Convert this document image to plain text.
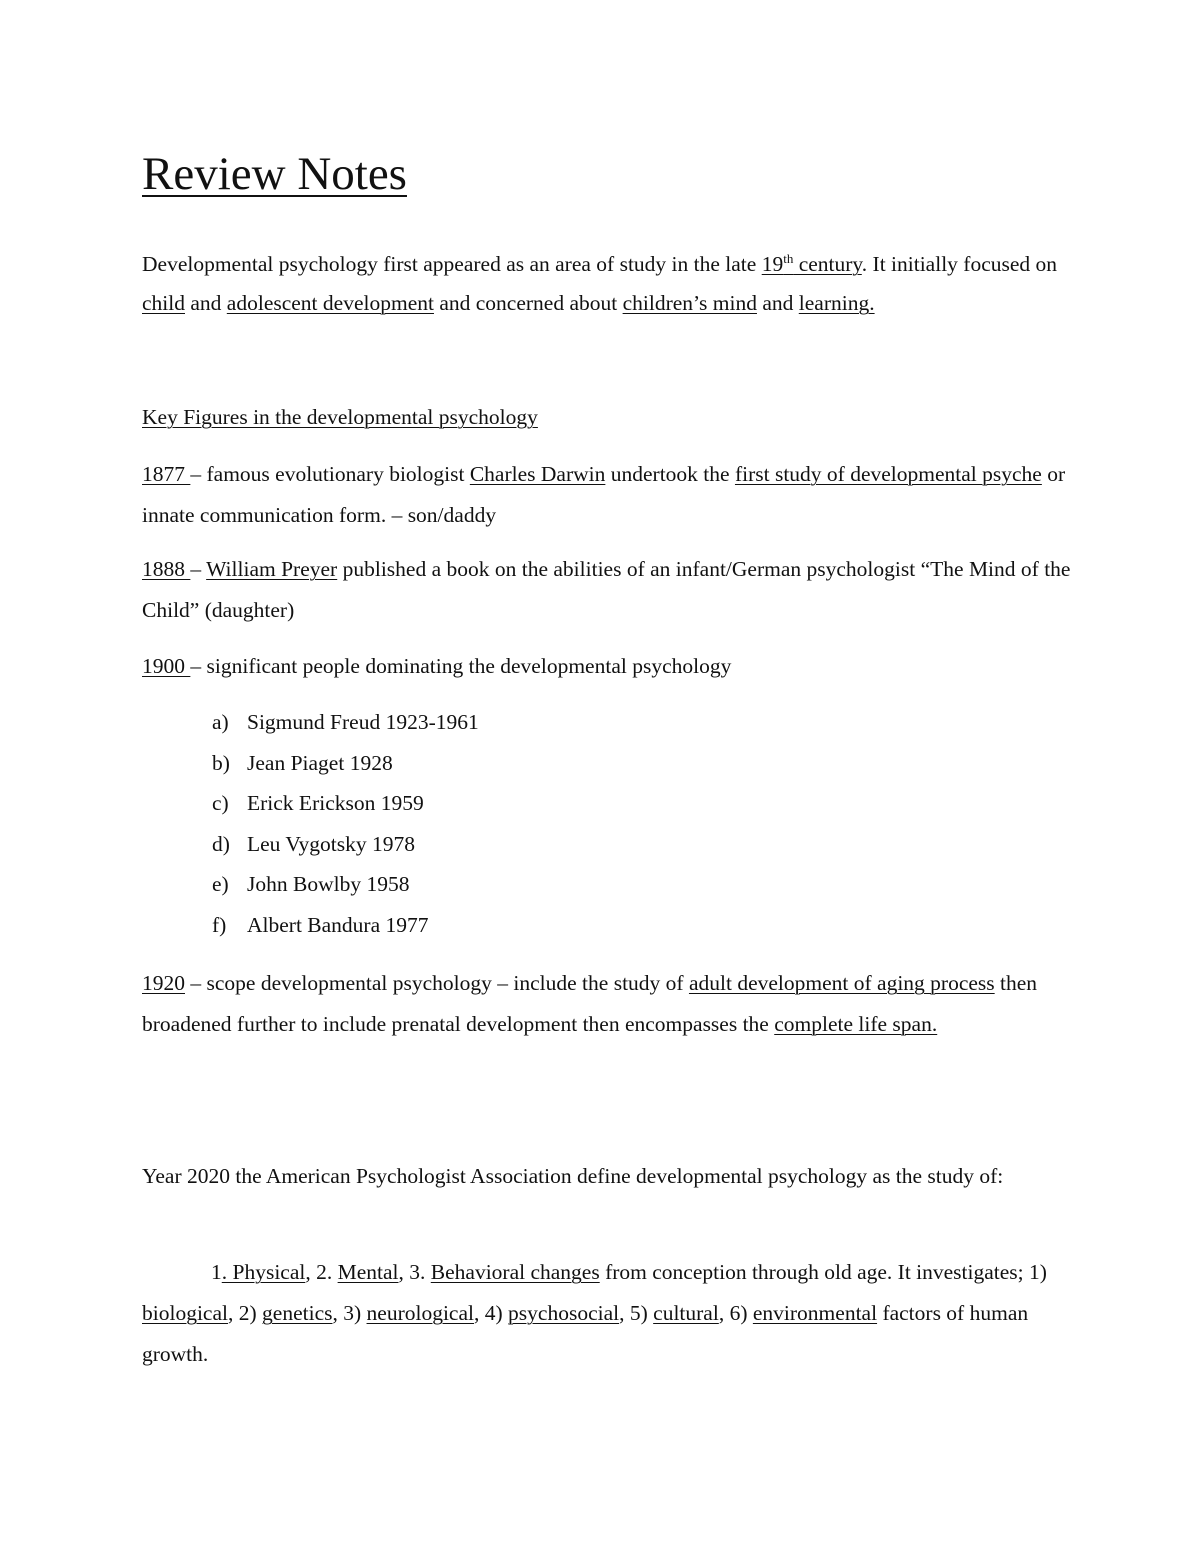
Review Notes

Developmental psychology first appeared as an area of study in the late 19th century. It initially focused on child and adolescent development and concerned about children’s mind and learning.

Key Figures in the developmental psychology

1877 – famous evolutionary biologist Charles Darwin undertook the first study of developmental psyche or innate communication form. – son/daddy

1888 – William Preyer published a book on the abilities of an infant/German psychologist “The Mind of the Child” (daughter)

1900 – significant people dominating the developmental psychology

a) Sigmund Freud 1923-1961
b) Jean Piaget 1928
c) Erick Erickson 1959
d) Leu Vygotsky 1978
e) John Bowlby 1958
f) Albert Bandura 1977

1920 – scope developmental psychology – include the study of adult development of aging process then broadened further to include prenatal development then encompasses the complete life span.

Year 2020 the American Psychologist Association define developmental psychology as the study of:

1. Physical, 2. Mental, 3. Behavioral changes from conception through old age. It investigates; 1) biological, 2) genetics, 3) neurological, 4) psychosocial, 5) cultural, 6) environmental factors of human growth.
